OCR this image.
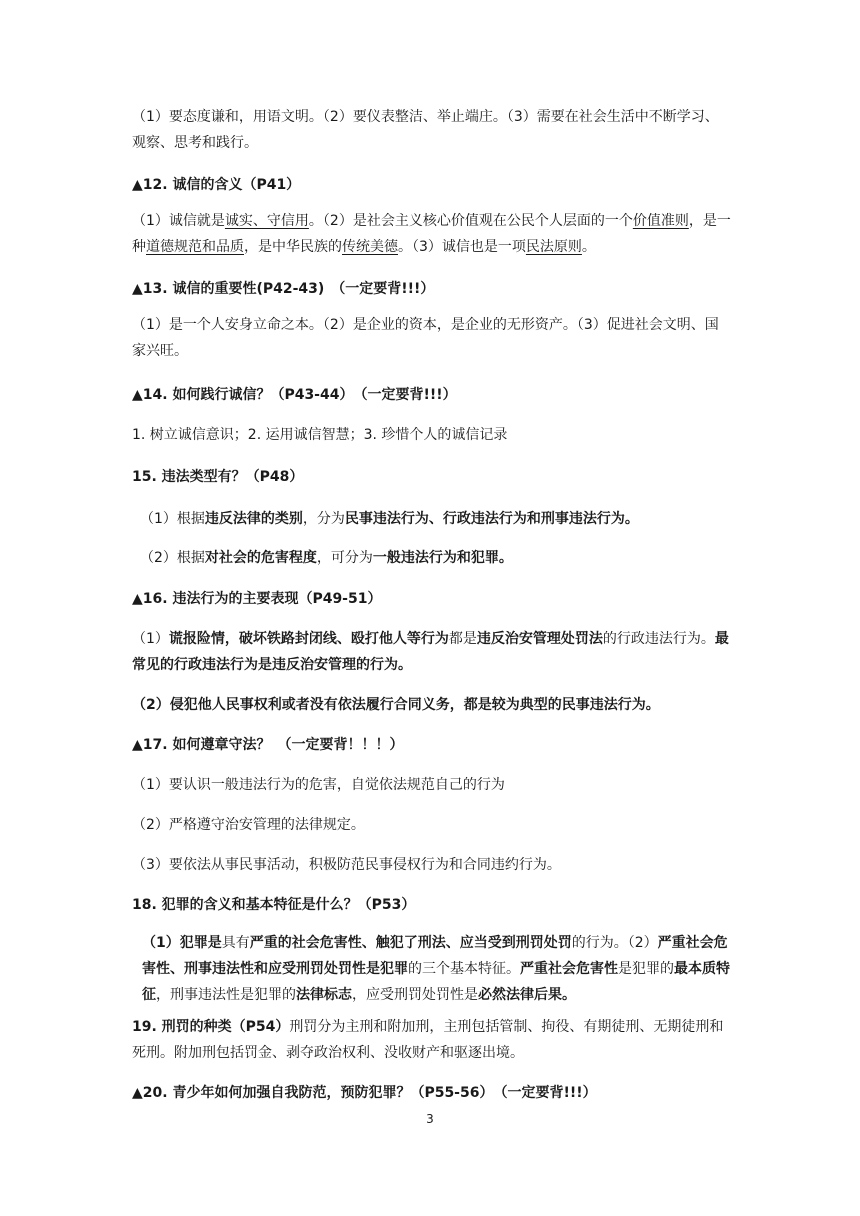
（1）要态度谦和，用语文明。（2）要仪表整洁、举止端庄。（3）需要在社会生活中不断学习、观察、思考和践行。
▲12. 诚信的含义（P41）
（1）诚信就是诚实、守信用。（2）是社会主义核心价值观在公民个人层面的一个价值准则，是一种道德规范和品质，是中华民族的传统美德。（3）诚信也是一项民法原则。
▲13. 诚信的重要性(P42-43)　（一定要背!!!）
（1）是一个人安身立命之本。（2）是企业的资本，是企业的无形资产。（3）促进社会文明、国家兴旺。
▲14. 如何践行诚信？（P43-44）　（一定要背!!!）
1. 树立诚信意识；2. 运用诚信智慧；3. 珍惜个人的诚信记录
15. 违法类型有？（P48）
（1）根据违反法律的类别，分为民事违法行为、行政违法行为和刑事违法行为。
（2）根据对社会的危害程度，可分为一般违法行为和犯罪。
▲16. 违法行为的主要表现（P49-51）
（1）谎报险情，破坏铁路封闭线、殴打他人等行为都是违反治安管理处罚法的行政违法行为。最常见的行政违法行为是违反治安管理的行为。
（2）侵犯他人民事权利或者没有依法履行合同义务，都是较为典型的民事违法行为。
▲17. 如何遵章守法？　（一定要背！！！）
（1）要认识一般违法行为的危害，自觉依法规范自己的行为
（2）严格遵守治安管理的法律规定。
（3）要依法从事民事活动，积极防范民事侵权行为和合同违约行为。
18. 犯罪的含义和基本特征是什么？（P53）
（1）犯罪是具有严重的社会危害性、触犯了刑法、应当受到刑罚处罚的行为。（2）严重社会危害性、刑事违法性和应受刑罚处罚性是犯罪的三个基本特征。严重社会危害性是犯罪的最本质特征，刑事违法性是犯罪的法律标志，应受刑罚处罚性是必然法律后果。
19. 刑罚的种类（P54）刑罚分为主刑和附加刑，主刑包括管制、拘役、有期徒刑、无期徒刑和死刑。附加刑包括罚金、剥夺政治权利、没收财产和驱逐出境。
▲20. 青少年如何加强自我防范，预防犯罪？（P55-56）　（一定要背!!!）
3
